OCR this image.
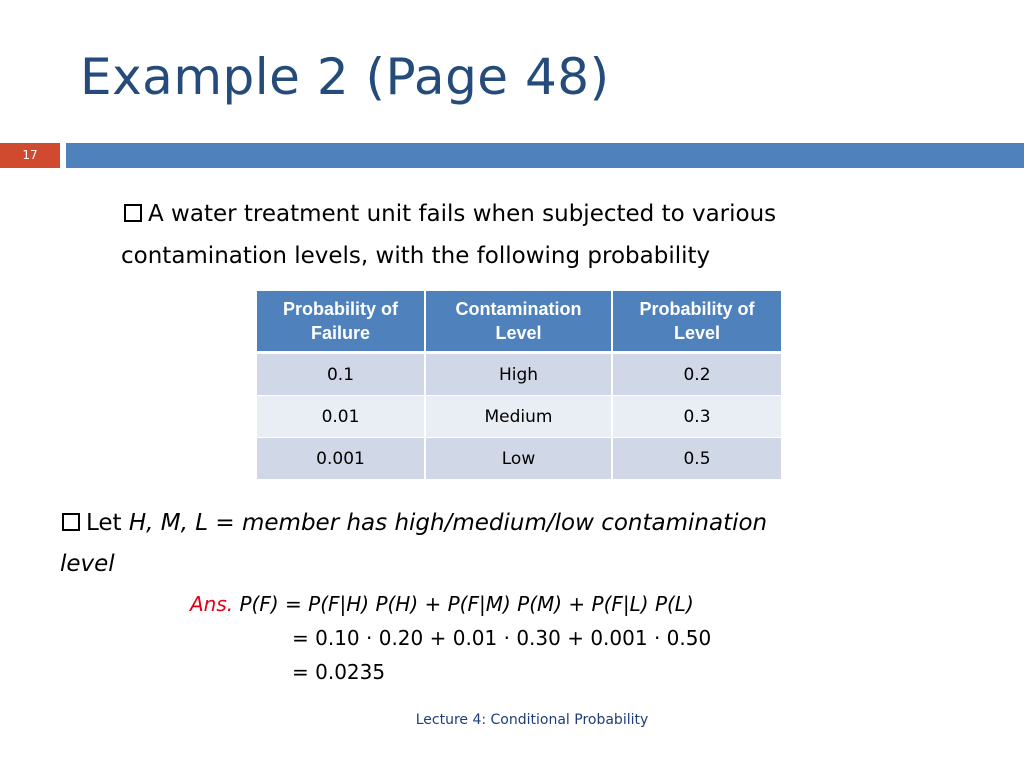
Example 2 (Page 48)
17
A water treatment unit fails when subjected to various
contamination levels, with the following probability
Probability of Failure	Contamination Level	Probability of Level
0.1	High	0.2
0.01	Medium	0.3
0.001	Low	0.5
Let H, M, L = member has high/medium/low contamination
level
Ans. P(F) = P(F|H) P(H) + P(F|M) P(M) + P(F|L) P(L)
= 0.10 · 0.20 + 0.01 · 0.30 + 0.001 · 0.50
= 0.0235
Lecture 4: Conditional Probability
